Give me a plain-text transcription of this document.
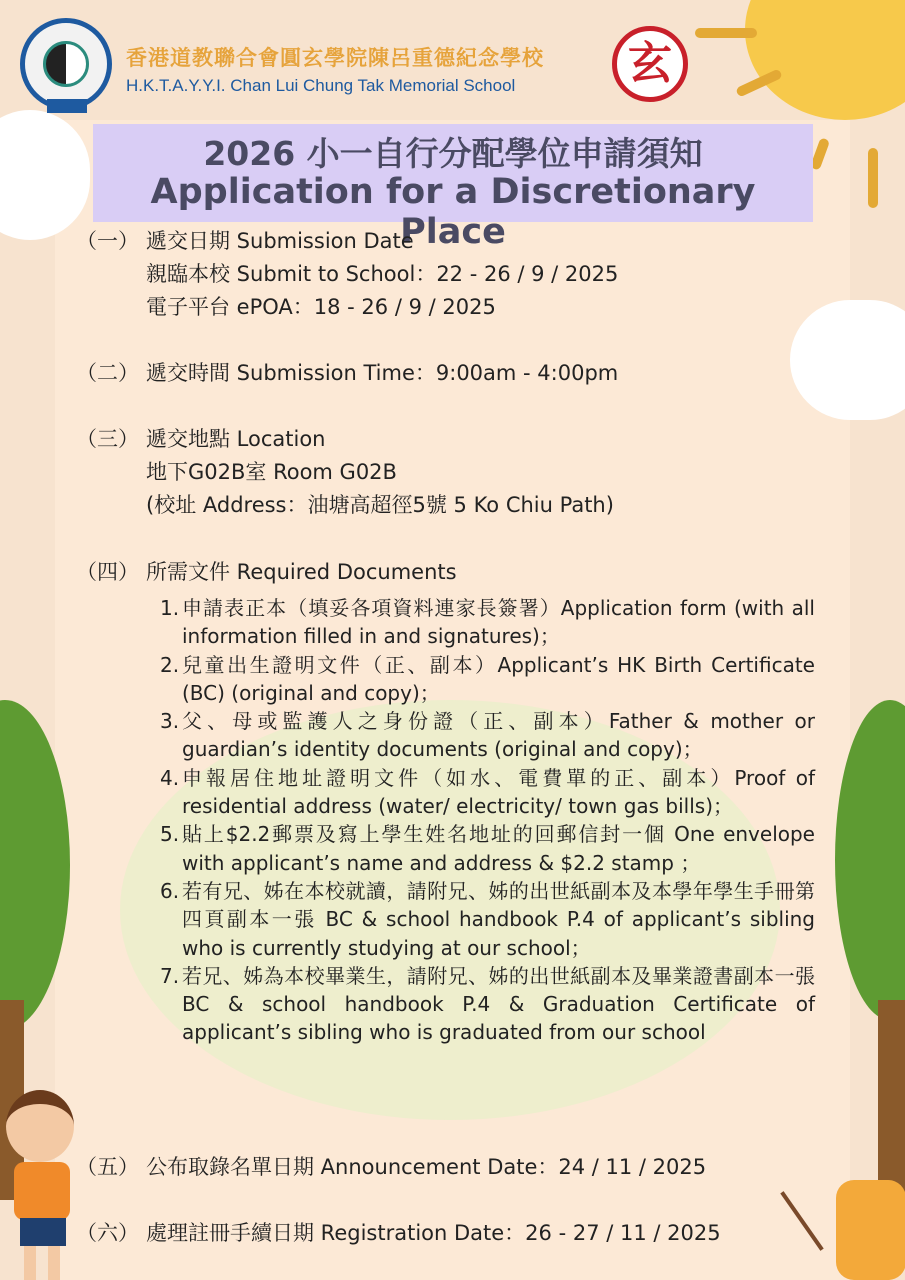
香港道教聯合會圓玄學院陳呂重德紀念學校
H.K.T.A.Y.Y.I. Chan Lui Chung Tak Memorial School	玄
2026 小一自行分配學位申請須知
Application for a Discretionary Place
（一） 遞交日期 Submission Date
親臨本校 Submit to School：22 - 26 / 9 / 2025
電子平台 ePOA：18 - 26 / 9 / 2025
（二） 遞交時間 Submission Time：9:00am - 4:00pm
（三） 遞交地點 Location
地下G02B室 Room G02B
(校址 Address：油塘高超徑5號 5 Ko Chiu Path)
（四） 所需文件 Required Documents
1. 申請表正本（填妥各項資料連家長簽署）Application form (with all information filled in and signatures)；
2. 兒童出生證明文件（正、副本）Applicant’s HK Birth Certificate (BC) (original and copy)；
3. 父、母或監護人之身份證（正、副本）Father & mother or guardian’s identity documents (original and copy)；
4. 申報居住地址證明文件（如水、電費單的正、副本）Proof of residential address (water/ electricity/ town gas bills)；
5. 貼上$2.2郵票及寫上學生姓名地址的回郵信封一個 One envelope with applicant’s name and address & $2.2 stamp ；
6. 若有兄、姊在本校就讀，請附兄、姊的出世紙副本及本學年學生手冊第四頁副本一張 BC & school handbook P.4 of applicant’s sibling who is currently studying at our school；
7. 若兄、姊為本校畢業生，請附兄、姊的出世紙副本及畢業證書副本一張BC & school handbook P.4 & Graduation Certificate of applicant’s sibling who is graduated from our school
（五） 公布取錄名單日期 Announcement Date：24 / 11 / 2025
（六） 處理註冊手續日期 Registration Date：26 - 27 / 11 / 2025
